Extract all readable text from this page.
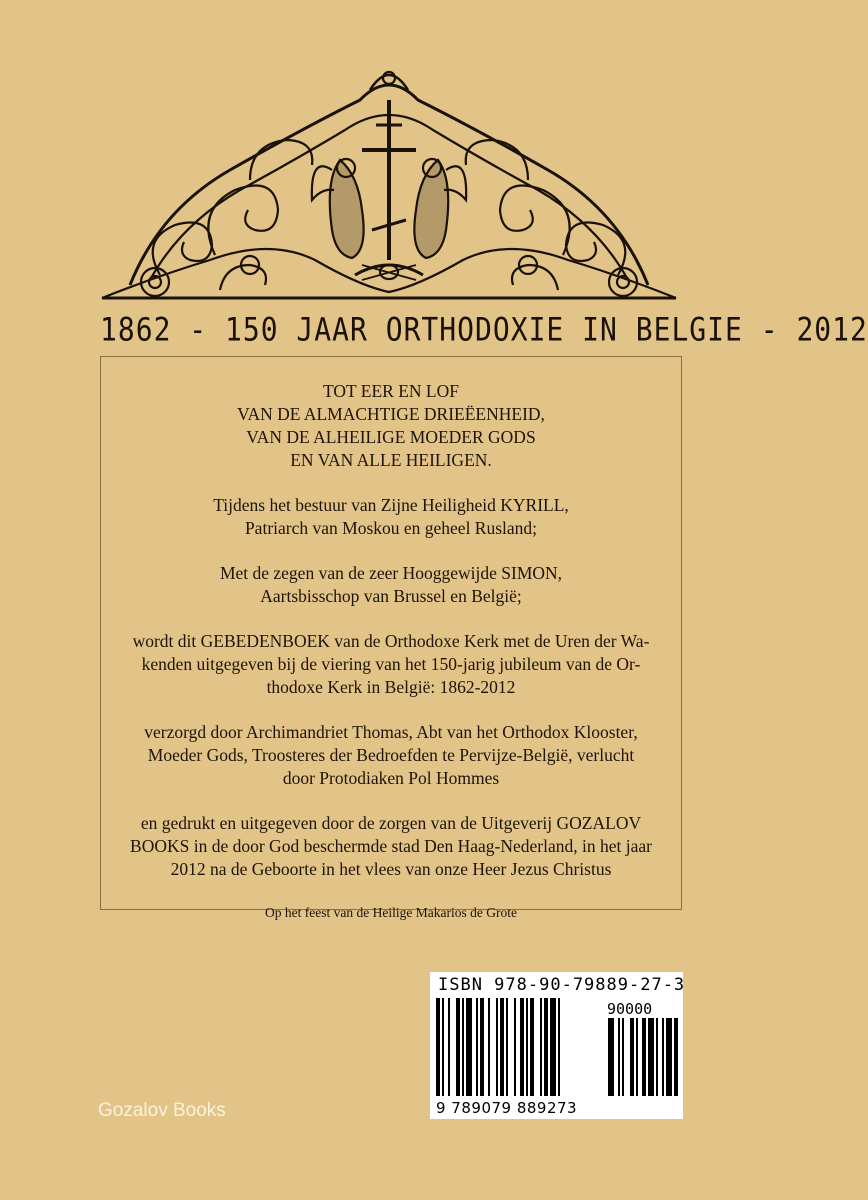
1862 - 150 JAAR ORTHODOXIE IN BELGIE - 2012

TOT EER EN LOF
VAN DE ALMACHTIGE DRIEËENHEID,
VAN DE ALHEILIGE MOEDER GODS
EN VAN ALLE HEILIGEN.

Tijdens het bestuur van Zijne Heiligheid KYRILL,
Patriarch van Moskou en geheel Rusland;

Met de zegen van de zeer Hooggewijde SIMON,
Aartsbisschop van Brussel en België;

wordt dit GEBEDENBOEK van de Orthodoxe Kerk met de Uren der Wa-
kenden uitgegeven bij de viering van het 150-jarig jubileum van de Or-
thodoxe Kerk in België: 1862-2012

verzorgd door Archimandriet Thomas, Abt van het Orthodox Klooster,
Moeder Gods, Troosteres der Bedroefden te Pervijze-België, verlucht
door Protodiaken Pol Hommes

en gedrukt en uitgegeven door de zorgen van de Uitgeverij GOZALOV
BOOKS in de door God beschermde stad Den Haag-Nederland, in het jaar
2012 na de Geboorte in het vlees van onze Heer Jezus Christus

Op het feest van de Heilige Makarios de Grote

ISBN 978-90-79889-27-3
90000
9 789079 889273
Gozalov Books
